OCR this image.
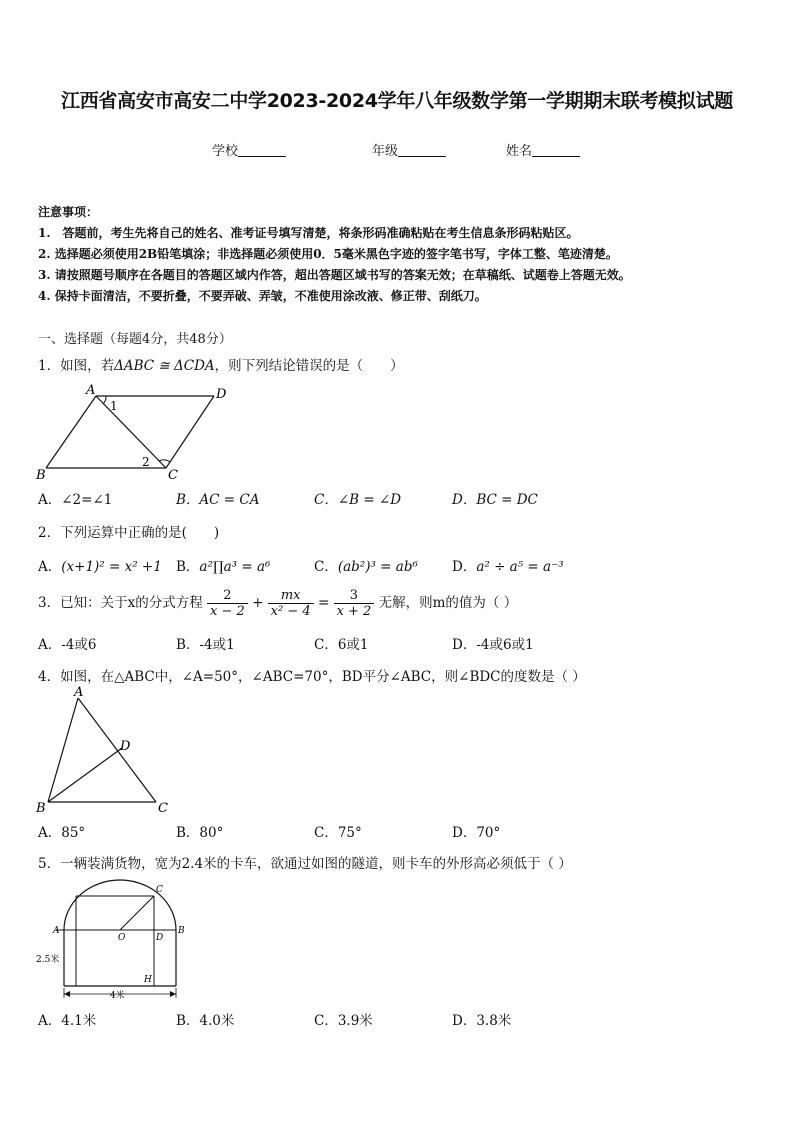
江西省高安市高安二中学2023-2024学年八年级数学第一学期期末联考模拟试题
学校	年级	姓名
注意事项：
1.　答题前，考生先将自己的姓名、准考证号填写清楚，将条形码准确粘贴在考生信息条形码粘贴区。
2. 选择题必须使用2B铅笔填涂；非选择题必须使用0．5毫米黑色字迹的签字笔书写，字体工整、笔迹清楚。
3. 请按照题号顺序在各题目的答题区域内作答，超出答题区域书写的答案无效；在草稿纸、试题卷上答题无效。
4. 保持卡面清洁，不要折叠，不要弄破、弄皱，不准使用涂改液、修正带、刮纸刀。
一、选择题（每题4分，共48分）
1．如图，若ΔABC ≅ ΔCDA，则下列结论错误的是（　　）
A	D
B	C
1
2
A．∠2=∠1	B．AC = CA	C．∠B = ∠D	D．BC = DC
2．下列运算中正确的是(　　)
A．(x+1)² = x² +1 B．a²∏a³ = a⁶	C．(ab²)³ = ab⁶	D．a² ÷ a⁵ = a⁻³
3．已知：关于x的分式方程 $\frac{2}{x - 2} + \frac{mx}{\text{x² − 4}} = \frac{3}{x + 2}$ 无解，则m的值为（ ）
A．-4或6	B．-4或1	C．6或1	D．-4或6或1
4．如图，在△ABC中，∠A=50°，∠ABC=70°，BD平分∠ABC，则∠BDC的度数是（ ）
A
D
B	C
A．85°	B．80°	C．75°	D．70°
5．一辆装满货物，宽为2.4米的卡车，欲通过如图的隧道，则卡车的外形高必须低于（ ）
A	B
C
D
O
H
2.5米
4米
A．4.1米	B．4.0米	C．3.9米	D．3.8米
